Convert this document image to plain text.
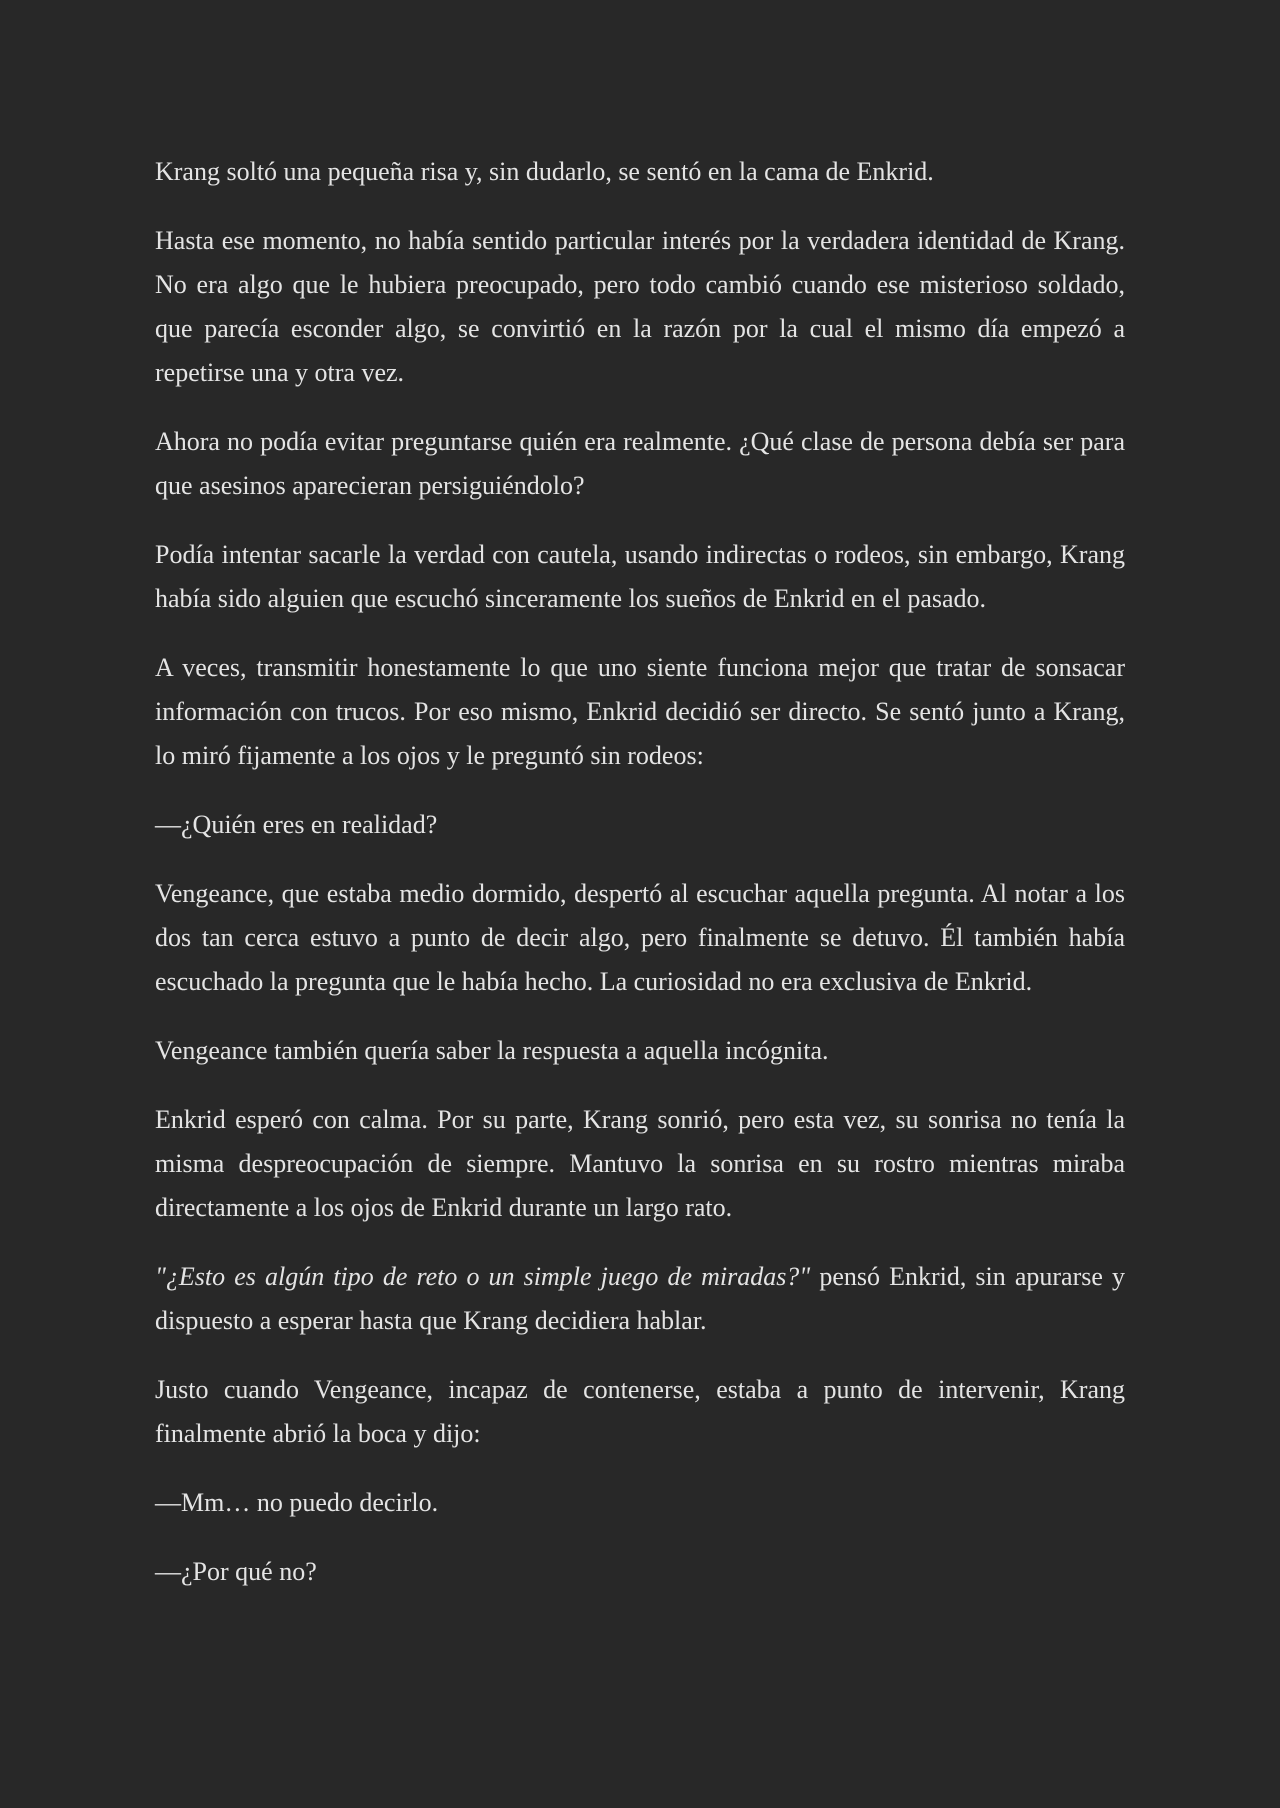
Krang soltó una pequeña risa y, sin dudarlo, se sentó en la cama de Enkrid.

Hasta ese momento, no había sentido particular interés por la verdadera identidad de Krang. No era algo que le hubiera preocupado, pero todo cambió cuando ese misterioso soldado, que parecía esconder algo, se convirtió en la razón por la cual el mismo día empezó a repetirse una y otra vez.

Ahora no podía evitar preguntarse quién era realmente. ¿Qué clase de persona debía ser para que asesinos aparecieran persiguiéndolo?

Podía intentar sacarle la verdad con cautela, usando indirectas o rodeos, sin embargo, Krang había sido alguien que escuchó sinceramente los sueños de Enkrid en el pasado.

A veces, transmitir honestamente lo que uno siente funciona mejor que tratar de sonsacar información con trucos. Por eso mismo, Enkrid decidió ser directo. Se sentó junto a Krang, lo miró fijamente a los ojos y le preguntó sin rodeos:

—¿Quién eres en realidad?

Vengeance, que estaba medio dormido, despertó al escuchar aquella pregunta. Al notar a los dos tan cerca estuvo a punto de decir algo, pero finalmente se detuvo. Él también había escuchado la pregunta que le había hecho. La curiosidad no era exclusiva de Enkrid.

Vengeance también quería saber la respuesta a aquella incógnita.

Enkrid esperó con calma. Por su parte, Krang sonrió, pero esta vez, su sonrisa no tenía la misma despreocupación de siempre. Mantuvo la sonrisa en su rostro mientras miraba directamente a los ojos de Enkrid durante un largo rato.

"¿Esto es algún tipo de reto o un simple juego de miradas?" pensó Enkrid, sin apurarse y dispuesto a esperar hasta que Krang decidiera hablar.

Justo cuando Vengeance, incapaz de contenerse, estaba a punto de intervenir, Krang finalmente abrió la boca y dijo:

—Mm… no puedo decirlo.

—¿Por qué no?
